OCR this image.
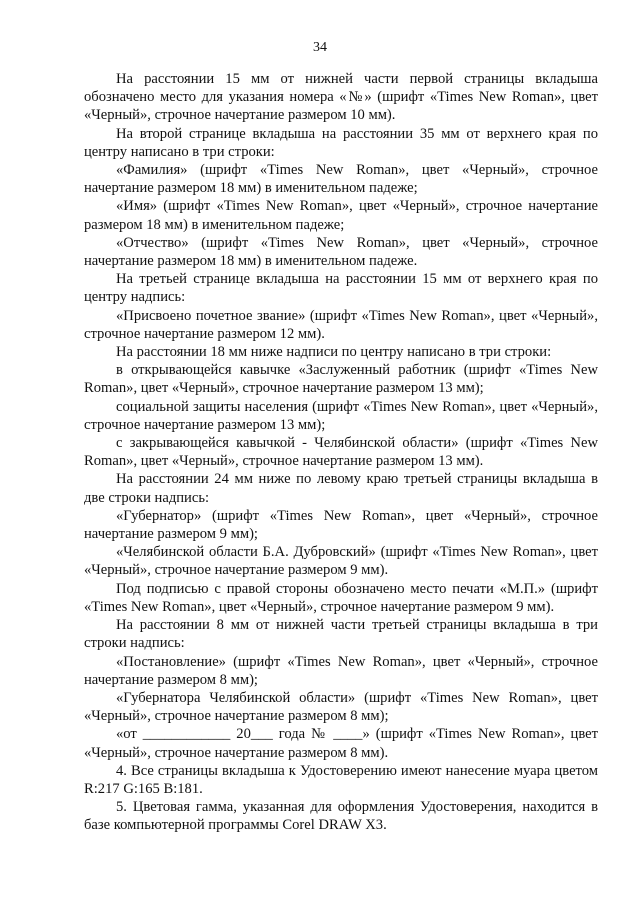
34

На расстоянии 15 мм от нижней части первой страницы вкладыша обозначено место для указания номера «№» (шрифт «Times New Roman», цвет «Черный», строчное начертание размером 10 мм).

На второй странице вкладыша на расстоянии 35 мм от верхнего края по центру написано в три строки:

«Фамилия» (шрифт «Times New Roman», цвет «Черный», строчное начертание размером 18 мм) в именительном падеже;

«Имя» (шрифт «Times New Roman», цвет «Черный», строчное начертание размером 18 мм) в именительном падеже;

«Отчество» (шрифт «Times New Roman», цвет «Черный», строчное начертание размером 18 мм) в именительном падеже.

На третьей странице вкладыша на расстоянии 15 мм от верхнего края по центру надпись:

«Присвоено почетное звание» (шрифт «Times New Roman», цвет «Черный», строчное начертание размером 12 мм).

На расстоянии 18 мм ниже надписи по центру написано в три строки:

в открывающейся кавычке «Заслуженный работник (шрифт «Times New Roman», цвет «Черный», строчное начертание размером 13 мм);

социальной защиты населения (шрифт «Times New Roman», цвет «Черный», строчное начертание размером 13 мм);

с закрывающейся кавычкой - Челябинской области» (шрифт «Times New Roman», цвет «Черный», строчное начертание размером 13 мм).

На расстоянии 24 мм ниже по левому краю третьей страницы вкладыша в две строки надпись:

«Губернатор» (шрифт «Times New Roman», цвет «Черный», строчное начертание размером 9 мм);

«Челябинской области Б.А. Дубровский» (шрифт «Times New Roman», цвет «Черный», строчное начертание размером 9 мм).

Под подписью с правой стороны обозначено место печати «М.П.» (шрифт «Times New Roman», цвет «Черный», строчное начертание размером 9 мм).

На расстоянии 8 мм от нижней части третьей страницы вкладыша в три строки надпись:

«Постановление» (шрифт «Times New Roman», цвет «Черный», строчное начертание размером 8 мм);

«Губернатора Челябинской области» (шрифт «Times New Roman», цвет «Черный», строчное начертание размером 8 мм);

«от ____________ 20___ года № ____» (шрифт «Times New Roman», цвет «Черный», строчное начертание размером 8 мм).

4. Все страницы вкладыша к Удостоверению имеют нанесение муара цветом R:217 G:165 B:181.

5. Цветовая гамма, указанная для оформления Удостоверения, находится в базе компьютерной программы Corel DRAW X3.
